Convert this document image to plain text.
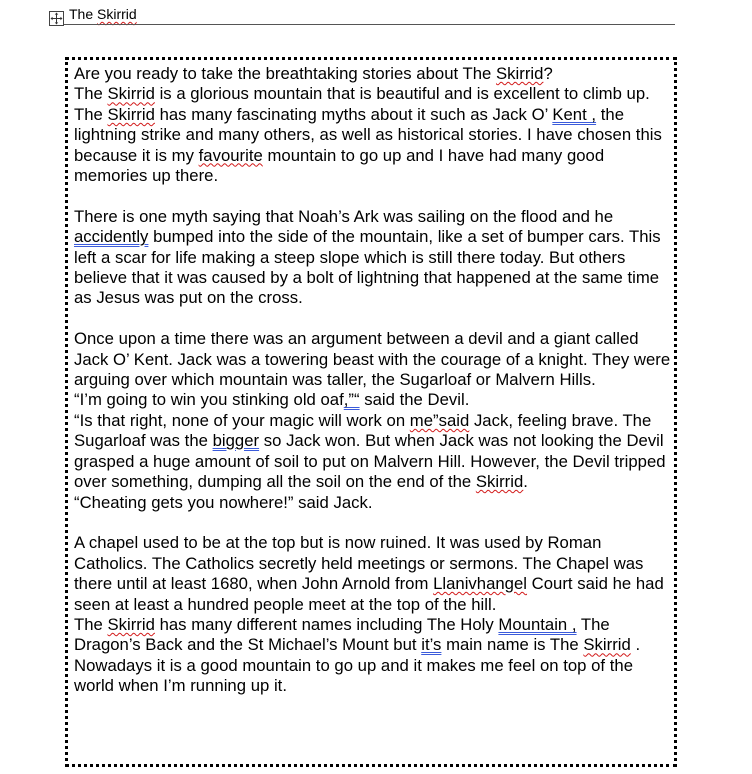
The Skirrid

Are you ready to take the breathtaking stories about The Skirrid?
The Skirrid is a glorious mountain that is beautiful and is excellent to climb up. The Skirrid has many fascinating myths about it such as Jack O’ Kent , the lightning strike and many others, as well as historical stories. I have chosen this because it is my favourite mountain to go up and I have had many good memories up there.

There is one myth saying that Noah’s Ark was sailing on the flood and he accidently bumped into the side of the mountain, like a set of bumper cars. This left a scar for life making a steep slope which is still there today. But others believe that it was caused by a bolt of lightning that happened at the same time as Jesus was put on the cross.

Once upon a time there was an argument between a devil and a giant called Jack O’ Kent. Jack was a towering beast with the courage of a knight. They were arguing over which mountain was taller, the Sugarloaf or Malvern Hills.
“I’m going to win you stinking old oaf,”“ said the Devil.
“Is that right, none of your magic will work on me”said Jack, feeling brave. The Sugarloaf was the bigger so Jack won. But when Jack was not looking the Devil grasped a huge amount of soil to put on Malvern Hill. However, the Devil tripped over something, dumping all the soil on the end of the Skirrid.
“Cheating gets you nowhere!” said Jack.

A chapel used to be at the top but is now ruined. It was used by Roman Catholics. The Catholics secretly held meetings or sermons. The Chapel was there until at least 1680, when John Arnold from Llanivhangel Court said he had seen at least a hundred people meet at the top of the hill.
The Skirrid has many different names including The Holy Mountain , The Dragon’s Back and the St Michael’s Mount but it’s main name is The Skirrid . Nowadays it is a good mountain to go up and it makes me feel on top of the world when I’m running up it.
